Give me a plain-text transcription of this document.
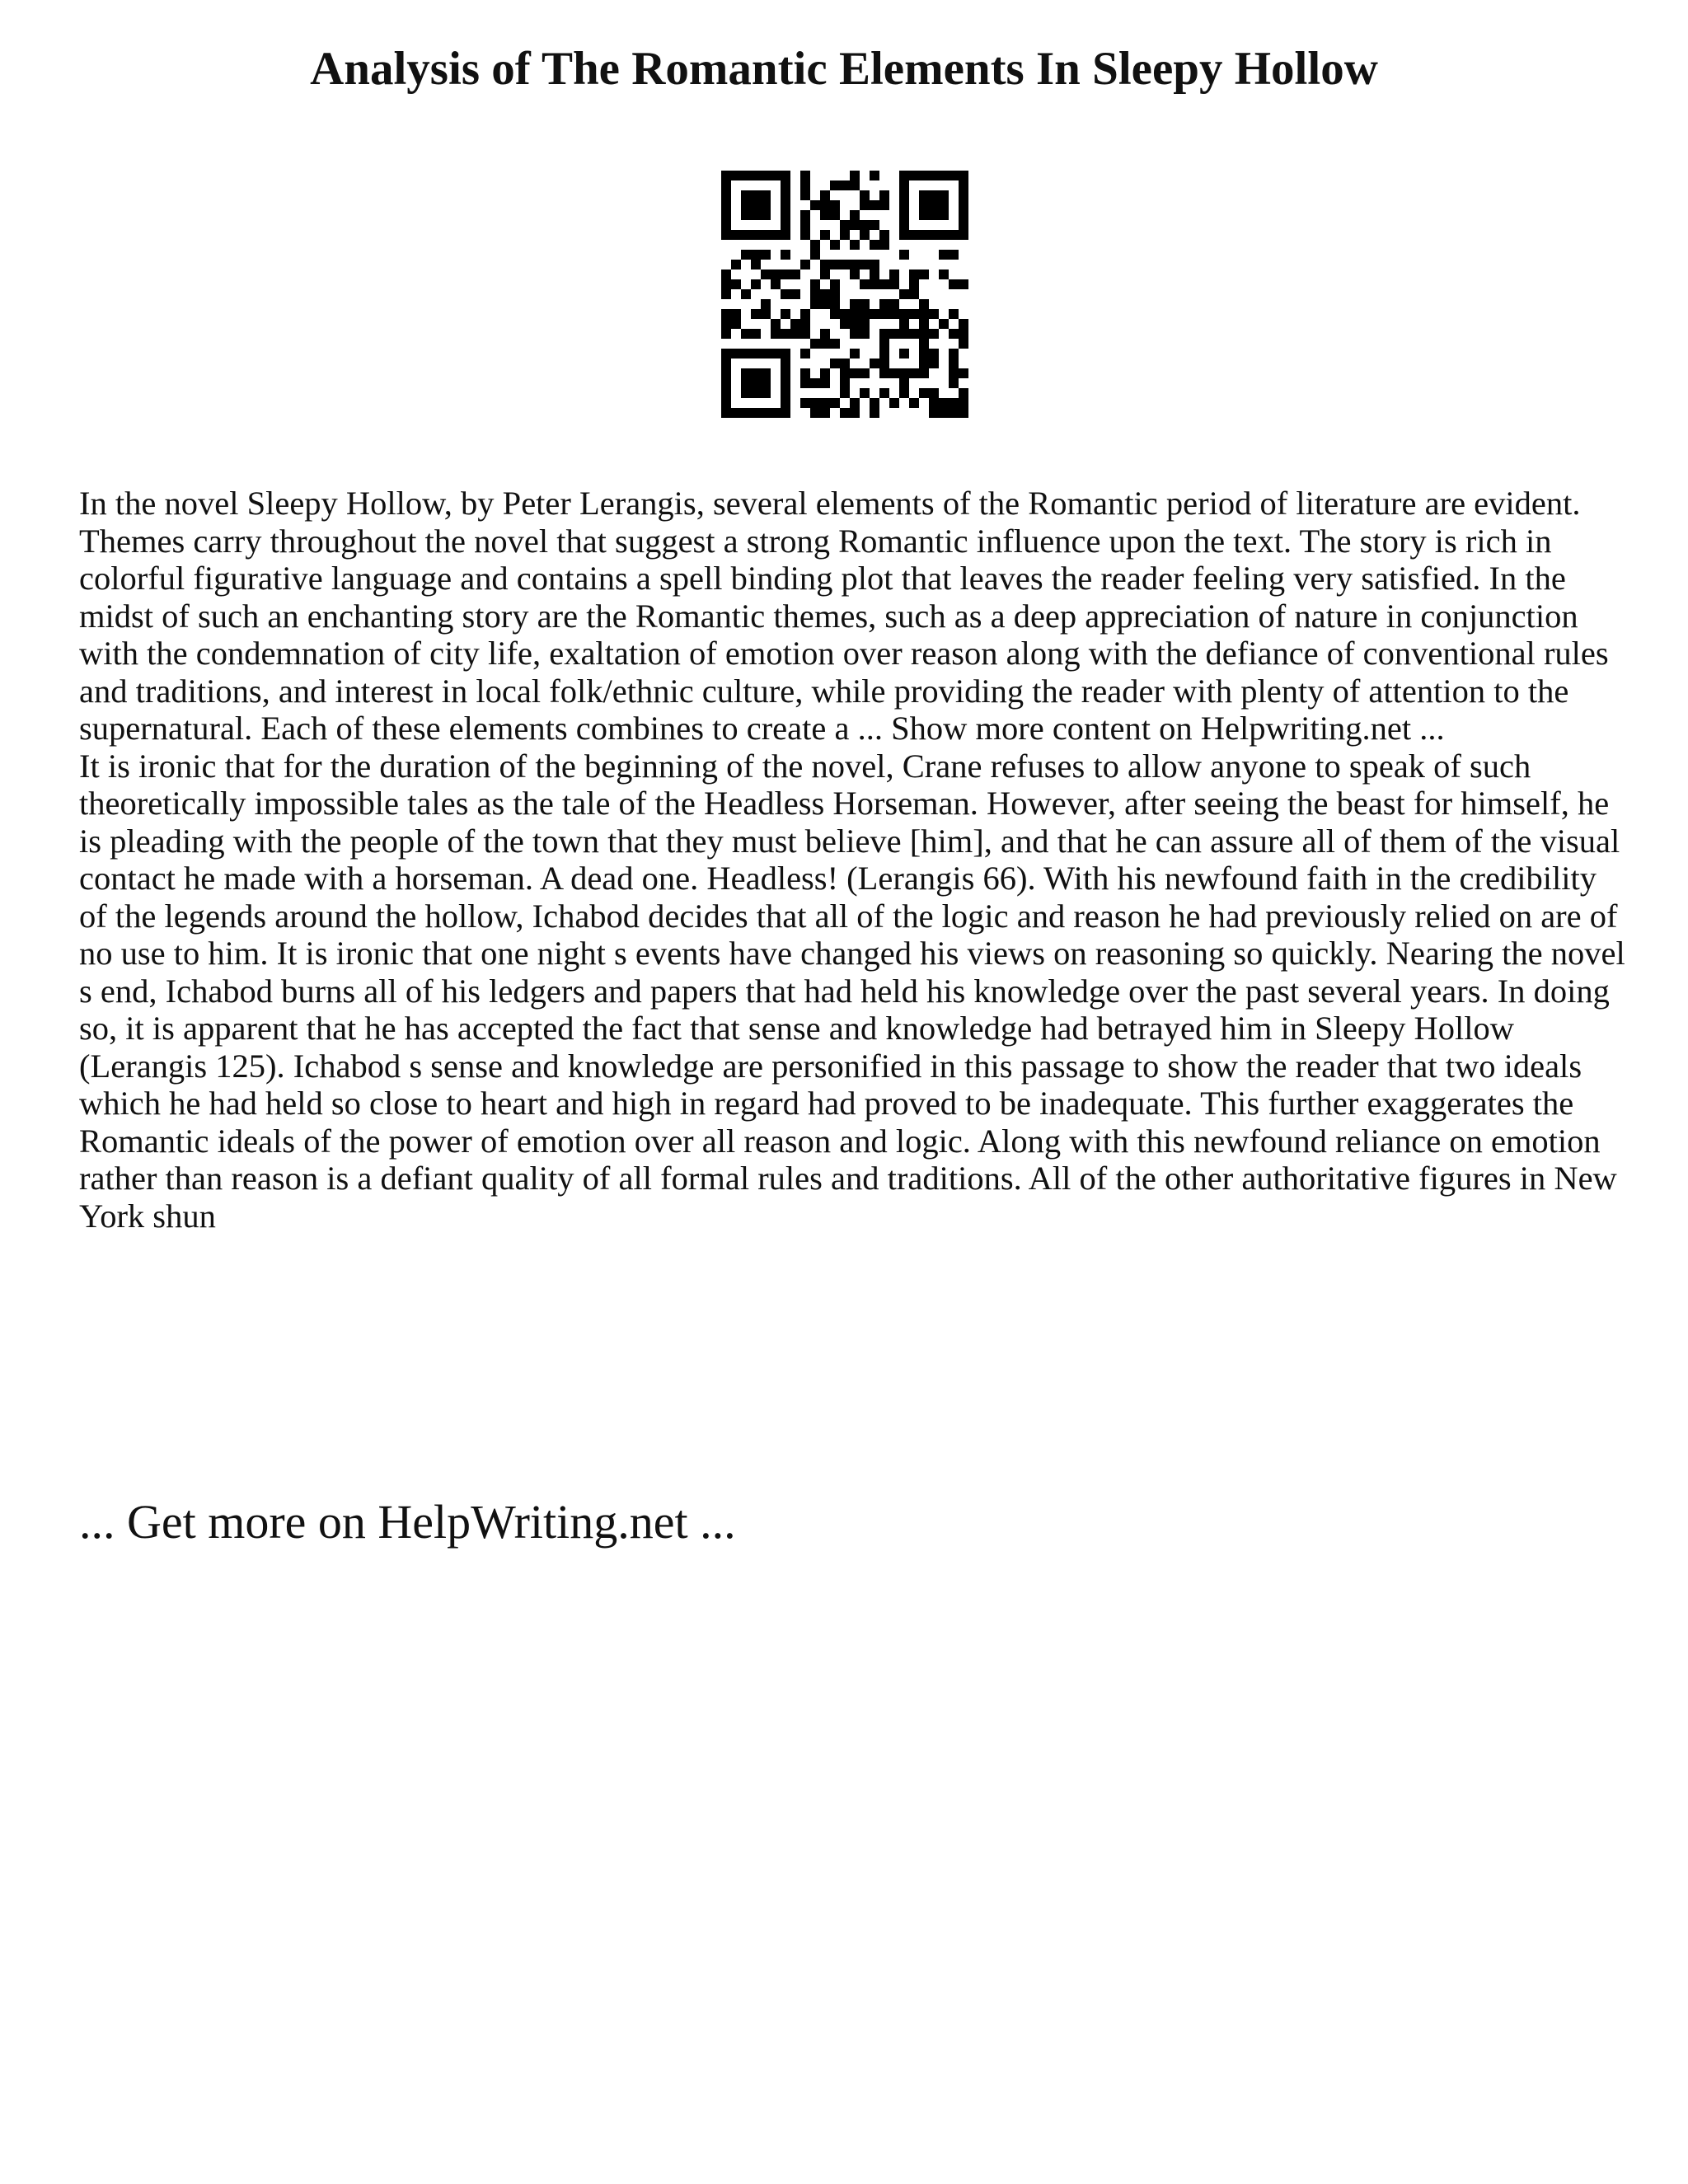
Analysis of The Romantic Elements In Sleepy Hollow

In the novel Sleepy Hollow, by Peter Lerangis, several elements of the Romantic period of literature are evident. Themes carry throughout the novel that suggest a strong Romantic influence upon the text. The story is rich in colorful figurative language and contains a spell binding plot that leaves the reader feeling very satisfied. In the midst of such an enchanting story are the Romantic themes, such as a deep appreciation of nature in conjunction with the condemnation of city life, exaltation of emotion over reason along with the defiance of conventional rules and traditions, and interest in local folk/ethnic culture, while providing the reader with plenty of attention to the supernatural. Each of these elements combines to create a ... Show more content on Helpwriting.net ...

It is ironic that for the duration of the beginning of the novel, Crane refuses to allow anyone to speak of such theoretically impossible tales as the tale of the Headless Horseman. However, after seeing the beast for himself, he is pleading with the people of the town that they must believe [him], and that he can assure all of them of the visual contact he made with a horseman. A dead one. Headless! (Lerangis 66). With his newfound faith in the credibility of the legends around the hollow, Ichabod decides that all of the logic and reason he had previously relied on are of no use to him. It is ironic that one night s events have changed his views on reasoning so quickly. Nearing the novel s end, Ichabod burns all of his ledgers and papers that had held his knowledge over the past several years. In doing so, it is apparent that he has accepted the fact that sense and knowledge had betrayed him in Sleepy Hollow (Lerangis 125). Ichabod s sense and knowledge are personified in this passage to show the reader that two ideals which he had held so close to heart and high in regard had proved to be inadequate. This further exaggerates the Romantic ideals of the power of emotion over all reason and logic. Along with this newfound reliance on emotion rather than reason is a defiant quality of all formal rules and traditions. All of the other authoritative figures in New York shun

... Get more on HelpWriting.net ...
